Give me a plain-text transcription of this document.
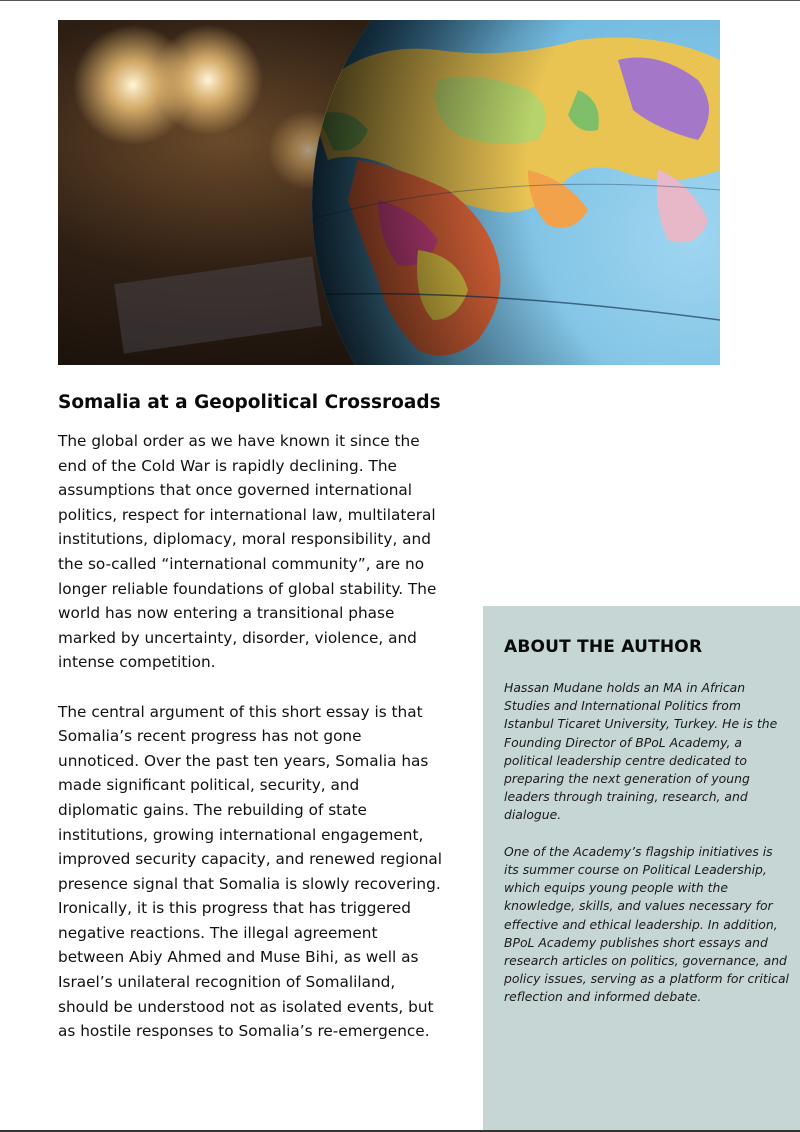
Somalia at a Geopolitical Crossroads

The global order as we have known it since the end of the Cold War is rapidly declining. The assumptions that once governed international politics, respect for international law, multilateral institutions, diplomacy, moral responsibility, and the so-called “international community”, are no longer reliable foundations of global stability. The world has now entering a transitional phase marked by uncertainty, disorder, violence, and intense competition.

The central argument of this short essay is that Somalia’s recent progress has not gone unnoticed. Over the past ten years, Somalia has made significant political, security, and diplomatic gains. The rebuilding of state institutions, growing international engagement, improved security capacity, and renewed regional presence signal that Somalia is slowly recovering. Ironically, it is this progress that has triggered negative reactions. The illegal agreement between Abiy Ahmed and Muse Bihi, as well as Israel’s unilateral recognition of Somaliland, should be understood not as isolated events, but as hostile responses to Somalia’s re-emergence.

ABOUT THE AUTHOR

Hassan Mudane holds an MA in African Studies and International Politics from Istanbul Ticaret University, Turkey. He is the Founding Director of BPoL Academy, a political leadership centre dedicated to preparing the next generation of young leaders through training, research, and dialogue.

One of the Academy’s flagship initiatives is its summer course on Political Leadership, which equips young people with the knowledge, skills, and values necessary for effective and ethical leadership. In addition, BPoL Academy publishes short essays and research articles on politics, governance, and policy issues, serving as a platform for critical reflection and informed debate.
